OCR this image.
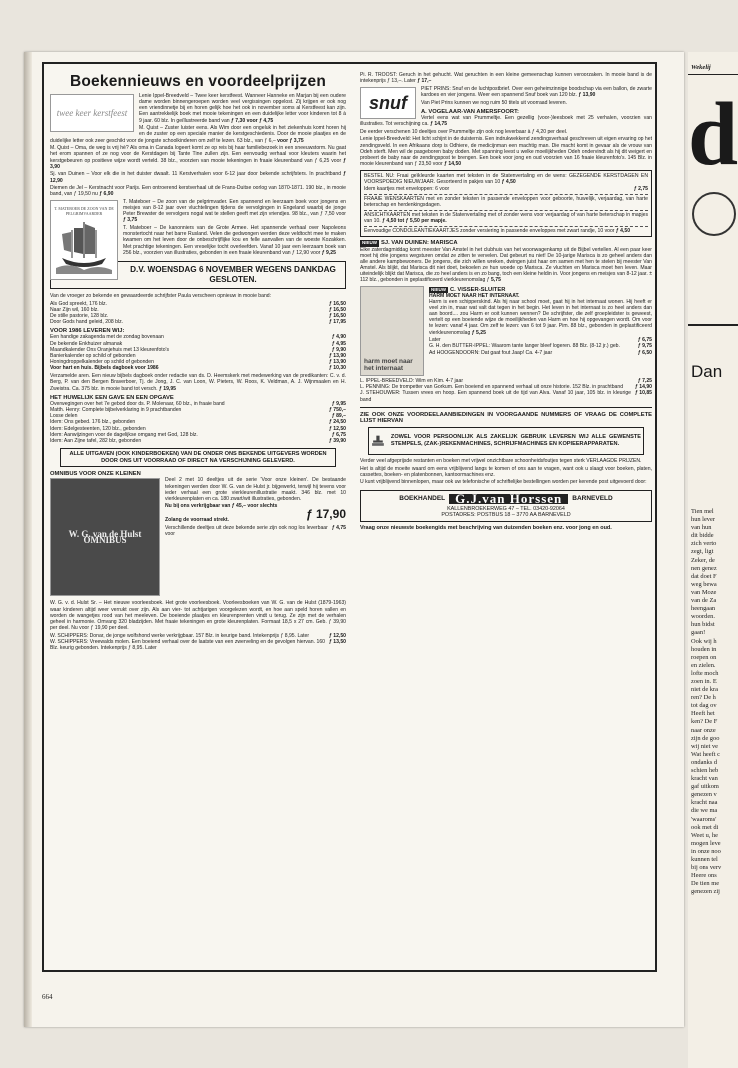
Boekennieuws en voordeelprijzen
twee keer kerstfeest

Lenie Ippel-Breedveld – Twee keer kerstfeest. Wanneer Hanneke en Marjan bij een oudere dame worden binnengeroepen worden veel vergissingen opgelost. Zij krijgen er ook nog een vriendinnetje bij en horen gelijk hoe het ook in november soms al Kerstfeest kan zijn. Een aantrekkelijk boek met mooie tekeningen en een duidelijke letter voor kinderen tot 8 à 9 jaar. 60 blz. In geïllustreerde band van ƒ 7,30 voor ƒ 4,75

M. Quist – Zuster luister eens. Als Wim door een ongeluk in het ziekenhuis komt horen hij en de zuster op een speciale manier de kerstgeschiedenis. Door de mooie plaatjes en de duidelijke letter ook zeer geschikt voor de jongste schoolkinderen om zelf te lezen. 63 blz., van ƒ 6,– voor ƒ 3,75

M. Quist – Oma, de weg is vrij hè? Als oma in Canada logeert komt ze op reis bij haar familiebezoek in een sneeuwstorm. Nu gaat het erom spannen of ze nog voor de Kerstdagen bij Tante Tine zullen zijn. Een eenvoudig verhaal voor kleuters waarin het kerstgebeuren op positieve wijze wordt verteld. 38 blz., voorzien van mooie tekeningen in fraaie kleurenband van ƒ 6,25 voor ƒ 3,90

Sj. van Duinen – Voor elk die in het duister dwaalt. 11 Kerstverhalen voor 6-12 jaar door bekende schrijfsters. In prachtband ƒ 12,90

Diemen de Jel – Kerstnacht voor Parijs. Een ontroerend kerstverhaal uit de Frans-Duitse oorlog van 1870-1871. 190 blz., in mooie band, van ƒ 19,50 nu ƒ 6,90

T. MATEBOER DE ZOON VAN DE PELGRIMVAARDER

T. Mateboer – De zoon van de pelgrimvader. Een spannend en leerzaam boek voor jongens en meisjes van 8-12 jaar over vluchtelingen tijdens de vervolgingen in Engeland waarbij de jonge Peter Brewster de vervolgers nogal wat te stellen geeft met zijn vriendjes. 98 blz., van ƒ 7,50 voor ƒ 3,75

T. Mateboer – De kanonniers van de Grote Armee. Het spannende verhaal over Napoleons monstertocht naar het barre Rusland. Velen die gedwongen werden deze veldtocht mee te maken kwamen om het leven door de onbeschrijflijke kou en felle aanvallen van de woeste Kozakken. Met prachtige tekeningen. Een vreselijke tocht overleefden. Vanaf 10 jaar een leerzaam boek van 256 blz., voorzien van illustraties, gebonden in een fraaie kleurenband van ƒ 12,90 voor ƒ 9,25

D.V. WOENSDAG 6 NOVEMBER WEGENS DANKDAG GESLOTEN.

Van de vroeger zo bekende en gewaardeerde schrijfster Paula verscheen opnieuw in mooie band:

Als God spreekt, 176 blz.	ƒ 16,50
Naar Zijn wil, 160 blz.	ƒ 16,50
De stille pastorie, 128 blz.	ƒ 16,50
Door Gods hand geleid, 208 blz.	ƒ 17,95
VOOR 1986 LEVEREN WIJ:
Een handige zakagenda met de zondag bovenaan	ƒ 4,90
De bekende Enkhuizer almanak	ƒ 4,95
Maandkalender Ons Oranjehuis met 13 kleurenfoto's	ƒ 9,90
Banierkalender op schild of gebonden	ƒ 13,90
Honingdroppelkalender op schild of gebonden	ƒ 13,90
Voor hart en huis. Bijbels dagboek voor 1986	ƒ 10,30

Verzamelde aren. Een nieuw bijbels dagboek onder redactie van ds. D. Heemskerk met medewerking van de predikanten: C. v. d. Berg, P. van den Bergen Braverboer, Tj. de Jong, J. C. van Loon, W. Pieters, W. Roos, K. Veldman, A. J. Wijnmaalen en H. Zweistra. Ca. 375 blz. in mooie band tot versch. ƒ 19,95

HET HUWELIJK EEN GAVE EN EEN OPGAVE
Overwegingen over het 7e gebod door ds. P. Molenaar, 60 blz., in fraaie band	ƒ 9,95
Matth. Henry: Complete bijbelverklaring in 9 prachtbanden	ƒ 750,–
Losse delen	ƒ 89,–
Idem: Ons gebed. 176 blz., gebonden	ƒ 24,50
Idem: Edelgesteenten, 120 blz., gebonden	ƒ 12,50
Idem: Aanwijzingen voor de dagelijkse omgang met God, 128 blz.	ƒ 6,75
Idem: Aan Zijne tafel, 282 blz, gebonden	ƒ 39,90
ALLE UITGAVEN (OOK KINDERBOEKEN) VAN DE ONDER ONS BEKENDE UITGEVERS WORDEN DOOR ONS UIT VOORRAAD OF DIRECT NA VERSCHIJNING GELEVERD.
OMNIBUS VOOR ONZE KLEINEN
W. G. van de Hulst OMNIBUS

Deel 2 met 10 deeltjes uit de serie 'Voor onze kleinen'. De bestaande tekeningen werden door W. G. van de Hulst jr. bijgewerkt, terwijl hij tevens voor ieder verhaal een grote vierkleurenillustratie maakt. 346 blz. met 10 vierkleurenplaten en ca. 180 zwart/wit illustraties, gebonden.

Nu bij ons verkrijgbaar van ƒ 45,– voor slechts

ƒ 17,90

Zolang de voorraad strekt.

Verschillende deeltjes uit deze bekende serie zijn ook nog los leverbaar voor
ƒ 4,75

W. G. v. d. Hulst Sr. – Het nieuwe voorleesboek. Het grote voorleesboek. Voorleesboeken van W. G. van de Hulst (1879-1963) waar kinderen altijd weer verrukt over zijn. Als aan vier- tot achtjarigen voorgelezen wordt, en hoe aan speld horen vallen en worden de wangetjes rood van het meeleven. De boeiende plaatjes en kleurenprenten vindt u terug. Ze zijn met de verhalen geheel in harmonie. Omvang 320 bladzijden. Met fraaie tekeningen en grote kleurenplaten. Formaat 18,5 x 27 cm. Geb. ƒ 39,90 per deel. Nu voor ƒ 19,90 per deel.

W. SCHIPPERS: Donar, de jonge wolfshond werke verkrijgbaar. 157 Blz. in keurige band. Intekenprijs ƒ 8,95. Later	ƒ 12,50
W. SCHIPPERS: Vreewalds molen. Een boeiend verhaal over de laatste van een zwerveling en de gevolgen hiervan. 160 Blz. keurig gebonden. Intekenprijs ƒ 8,95. Later
ƒ 13,50

Pi. R. TROOST: Geruch in het gehucht. Wat geruchten in een kleine gemeenschap kunnen veroorzaken. In mooie band is de intekenprijs ƒ 13,–. Later ƒ 17,–

snuf

PIET PRINS: Snuf en de luchtpostbrief. Over een geheimzinnige boodschap via een ballon, de zwarte kardoes en vier jongens. Weer een spannend Snuf boek van 120 blz. ƒ 13,90

Van Piet Prins kunnen we nog ruim 50 titels uit voorraad leveren.

A. VOGELAAR-VAN AMERSFOORT:

Vertel eens wat van Prummeltje. Een gezellig (voor-)leesboek met 25 verhalen, voorzien van illustraties. Tot verschijning ca. ƒ 14,75

De eerder verschenen 10 deeltjes over Prummeltje zijn ook nog leverbaar à ƒ 4,20 per deel.

Lenie Ippel-Breedveld: Het licht schijnt in de duisternis. Een indrukwekkend zendingsverhaal geschreven uit eigen ervaring op het zendingsveld. In een Afrikaans dorp is Odhiere, de medicijnman een machtig man. Die macht komt in gevaar als de vrouw van Odeh sterft. Men wil de pasgeboren baby doden. Met spanning leest u welke moeilijkheden Odeh ondervindt als hij dit weigert en probeert de baby naar de zendingspost te brengen. Een boek voor jong en oud voorzien van 16 fraaie kleurenfoto's. 145 Blz. in mooie kleurenband van ƒ 23,50 voor ƒ 14,50

BESTEL NU: Fraai geïkleurde kaarten met teksten in de Statenvertaling en de wens: GEZEGENDE KERSTDAGEN EN VOORSPOEDIG NIEUWJAAR. Gesorteerd in pakjes van 10 ƒ 4,50
Idem kaartjes met enveloppen: 6 voor	ƒ 2,75
FRAAIE WENSKAARTEN met en zonder teksten in passende enveloppen voor geboorte, huwelijk, verjaardag, van harte beterschap en herdenkingsdagen.
ANSICHTKAARTEN met teksten in de Statenvertaling met of zonder wens voor verjaardag of van harte beterschap in mapjes van 10. ƒ 4,50 tot ƒ 5,50 per mapje.
Eenvoudige CONDOLEANTIEKAARTJES zonder versiering in passende enveloppes met zwart randje, 10 voor ƒ 4,50
NIEUW SJ. VAN DUINEN: MARISCA

Elke zaterdagmiddag komt meester Van Amstel in het clubhuis van het woonwagenkamp uit de Bijbel vertellen. Al een paar keer moet hij drie jongens wegsturen omdat ze zitten te vervelen. Dat gebeurt nu niet! De 10-jarige Marisca is zo geheel anders dan alle andere kampbewoners. De jongens, die zich willen wreken, dwingen juist haar om samen met hen te stelen bij meester Van Amstel. Als blijkt, dat Marisca dit niet doet, bekoelen ze hun woede op Marisca. Ze vluchten en Marisca moet hen leven. Maar uiteindelijk blijkt dat Marisca, die zo heel anders is en zo bang, toch een kleine heldin in. Voor jongens en meisjes van 8-12 jaar. ± 112 blz., gebonden in geplastificeerd vierkleurenomslag ƒ 5,75

harm moet naar het internaat
NIEUW C. VISSER-SLUITER
HARM MOET NAAR HET INTERNAAT.

Harm is een schipperskind. Als hij naar school moet, gaat hij in het internaat wonen. Hij heeft er veel zin in, maar wat valt dat tegen in het begin. Het leven in het internaat is zo heel anders dan aan boord.... zou Harm er ooit kunnen wennen? De schrijfster, die zelf groepleidster is geweest, vertelt op een boeiende wijze de moeilijkheden van Harm en hoe hij opgevangen wordt. Om voor te lezen: vanaf 4 jaar. Om zelf te lezen: van 6 tot 9 jaar. Pim. 88 blz., gebonden in geplastificeerd vierkleurenomslag ƒ 5,25

Later	ƒ 6,75
G. H. den BUTTER-IPPEL: Waarom tante langer bleef logeren. 88 Blz. (8-12 jr.) geb.	ƒ 9,75
Ad HOOGENDOORN: Dat gaat fout Jaap! Ca. 4-7 jaar	ƒ 6,50
L. IPPEL-BREEDVELD: Wim en Kim. 4-7 jaar	ƒ 7,25
L. PENNING: De trompetter van Gorkum. Een boeiend en spannend verhaal uit onze historie. 152 Blz. in prachtband	ƒ 14,90
J. STEHOUWER: Tussen vrees en hoop. Een spannend boek uit de tijd van Alva. Vanaf 10 jaar, 105 blz. in kleurige band
ƒ 10,85
ZIE OOK ONZE VOORDEELAANBIEDINGEN IN VOORGAANDE NUMMERS OF VRAAG DE COMPLETE LIJST HIERVAN
ZOWEL VOOR PERSOONLIJK ALS ZAKELIJK GEBRUIK LEVEREN WIJ ALLE GEWENSTE STEMPELS, (ZAK-)REKENMACHINES, SCHRIJFMACHINES EN KOPIEERAPPARATEN.

Verder veel afgeprijsde restanten en boeken met vrijwel onzichtbare schoonheidsfoutjes tegen sterk VERLAAGDE PRIJZEN.

Het is altijd de moeite waard om eens vrijblijvend langs te komen of ons aan te vragen, want ook u slaagt voor boeken, platen, cassettes, boeken- en platenbonnen, kantoormachines enz.

U kunt vrijblijvend binnenlopen, maar ook uw telefonische of schriftelijke bestellingen worden per kerende post uitgevoerd door:

BOEKHANDEL G.J.van Horssen	BARNEVELD
KALLENBROEKERWEG 47 – TEL. 03420-92064
POSTADRES: POSTBUS 18 – 3770 AA BARNEVELD

Vraag onze nieuwste boekengids met beschrijving van duizenden boeken enz. voor jong en oud.

664
Wekelij
d
Dan
Tien mel
hun lever
van hun
dit bidde
zich verto
zegt, ligt
Zeker, de
nen genez
dat doet F
weg bewa
van Moze
van de Za
heengaan
woorden.
hun bidst
gaan!
Ook wij h
houden in
roepen on
en zielen.
lofte moch
zoen in. E
niet de kra
ren? De h
tot dag ov
Heeft het
ken? De F
naar onze
zijn de goo
wij niet ve
Wat heeft c
ondanks d
schien heb
kracht van
gaf uitkom
genezen v
kracht naa
die we ma
'waaroms'
ook met di
Weet u, he
mogen leve
in onze noo
kunnen tel
bij ons verv
Heere ons
De tien me
genezen zij
